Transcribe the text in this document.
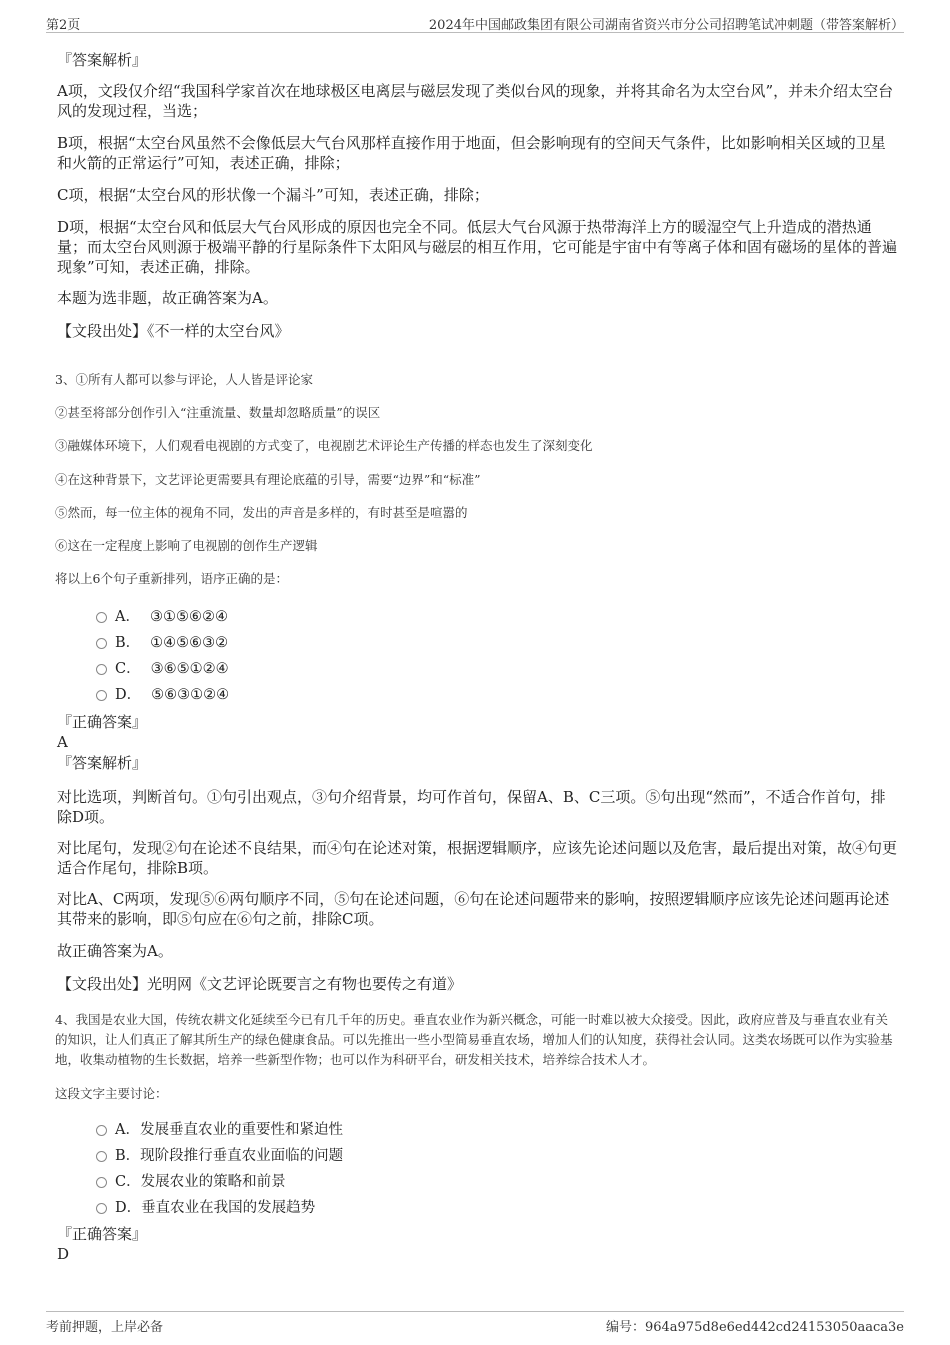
第2页	2024年中国邮政集团有限公司湖南省资兴市分公司招聘笔试冲刺题（带答案解析）

『答案解析』

A项，文段仅介绍“我国科学家首次在地球极区电离层与磁层发现了类似台风的现象，并将其命名为太空台风”，并未介绍太空台风的发现过程，当选；

B项，根据“太空台风虽然不会像低层大气台风那样直接作用于地面，但会影响现有的空间天气条件，比如影响相关区域的卫星和火箭的正常运行”可知，表述正确，排除；

C项，根据“太空台风的形状像一个漏斗”可知，表述正确，排除；

D项，根据“太空台风和低层大气台风形成的原因也完全不同。低层大气台风源于热带海洋上方的暖湿空气上升造成的潜热通量；而太空台风则源于极端平静的行星际条件下太阳风与磁层的相互作用，它可能是宇宙中有等离子体和固有磁场的星体的普遍现象”可知，表述正确，排除。

本题为选非题，故正确答案为A。

【文段出处】《不一样的太空台风》

3、①所有人都可以参与评论，人人皆是评论家

②甚至将部分创作引入“注重流量、数量却忽略质量”的误区

③融媒体环境下，人们观看电视剧的方式变了，电视剧艺术评论生产传播的样态也发生了深刻变化

④在这种背景下，文艺评论更需要具有理论底蕴的引导，需要“边界”和“标准”

⑤然而，每一位主体的视角不同，发出的声音是多样的，有时甚至是喧嚣的

⑥这在一定程度上影响了电视剧的创作生产逻辑

将以上6个句子重新排列，语序正确的是：

A． ③①⑤⑥②④
B． ①④⑤⑥③②
C． ③⑥⑤①②④
D． ⑤⑥③①②④

『正确答案』

A

『答案解析』

对比选项，判断首句。①句引出观点，③句介绍背景，均可作首句，保留A、B、C三项。⑤句出现“然而”，不适合作首句，排除D项。

对比尾句，发现②句在论述不良结果，而④句在论述对策，根据逻辑顺序，应该先论述问题以及危害，最后提出对策，故④句更适合作尾句，排除B项。

对比A、C两项，发现⑤⑥两句顺序不同，⑤句在论述问题，⑥句在论述问题带来的影响，按照逻辑顺序应该先论述问题再论述其带来的影响，即⑤句应在⑥句之前，排除C项。

故正确答案为A。

【文段出处】光明网《文艺评论既要言之有物也要传之有道》

4、我国是农业大国，传统农耕文化延续至今已有几千年的历史。垂直农业作为新兴概念，可能一时难以被大众接受。因此，政府应普及与垂直农业有关的知识，让人们真正了解其所生产的绿色健康食品。可以先推出一些小型简易垂直农场，增加人们的认知度，获得社会认同。这类农场既可以作为实验基地，收集动植物的生长数据，培养一些新型作物；也可以作为科研平台，研发相关技术，培养综合技术人才。

这段文字主要讨论：

A．发展垂直农业的重要性和紧迫性
B．现阶段推行垂直农业面临的问题
C．发展农业的策略和前景
D．垂直农业在我国的发展趋势

『正确答案』

D

考前押题，上岸必备	编号：964a975d8e6ed442cd24153050aaca3e
